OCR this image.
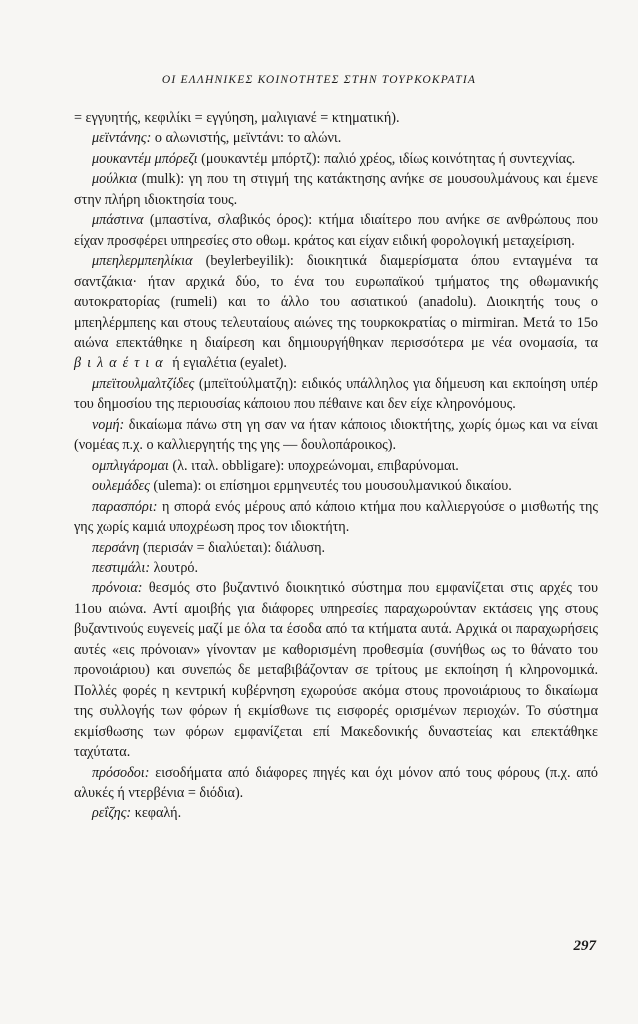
ΟΙ ΕΛΛΗΝΙΚΕΣ ΚΟΙΝΟΤΗΤΕΣ ΣΤΗΝ ΤΟΥΡΚΟΚΡΑΤΙΑ

= εγγυητής, κεφιλίκι = εγγύηση, μαλιγιανέ = κτηματική).

μεϊντάνης: ο αλωνιστής, μεϊντάνι: το αλώνι.

μουκαντέμ μπόρεζι (μουκαντέμ μπόρτζ): παλιό χρέος, ιδίως κοινότητας ή συντεχνίας.

μούλκια (mulk): γη που τη στιγμή της κατάκτησης ανήκε σε μουσουλμάνους και έμενε στην πλήρη ιδιοκτησία τους.

μπάστινα (μπαστίνα, σλαβικός όρος): κτήμα ιδιαίτερο που ανήκε σε ανθρώπους που είχαν προσφέρει υπηρεσίες στο οθωμ. κράτος και είχαν ειδική φορολογική μεταχείριση.

μπεηλερμπεηλίκια (beylerbeyilik): διοικητικά διαμερίσματα όπου ενταγμένα τα σαντζάκια· ήταν αρχικά δύο, το ένα του ευρωπαϊκού τμήματος της οθωμανικής αυτοκρατορίας (rumeli) και το άλλο του ασιατικού (anadolu). Διοικητής τους ο μπεηλέρμπεης και στους τελευταίους αιώνες της τουρκοκρατίας ο mirmiran. Μετά το 15ο αιώνα επεκτάθηκε η διαίρεση και δημιουργήθηκαν περισσότερα με νέα ονομασία, τα βιλαέτια ή εγιαλέτια (eyalet).

μπεϊτουλμαλτζίδες (μπεϊτούλματζη): ειδικός υπάλληλος για δήμευση και εκποίηση υπέρ του δημοσίου της περιουσίας κάποιου που πέθαινε και δεν είχε κληρονόμους.

νομή: δικαίωμα πάνω στη γη σαν να ήταν κάποιος ιδιοκτήτης, χωρίς όμως και να είναι (νομέας π.χ. ο καλλιεργητής της γης — δουλοπάροικος).

ομπλιγάρομαι (λ. ιταλ. obbligare): υποχρεώνομαι, επιβαρύνομαι.

ουλεμάδες (ulema): οι επίσημοι ερμηνευτές του μουσουλμανικού δικαίου.

παρασπόρι: η σπορά ενός μέρους από κάποιο κτήμα που καλλιεργούσε ο μισθωτής της γης χωρίς καμιά υποχρέωση προς τον ιδιοκτήτη.

περσάνη (περισάν = διαλύεται): διάλυση.

πεστιμάλι: λουτρό.

πρόνοια: θεσμός στο βυζαντινό διοικητικό σύστημα που εμφανίζεται στις αρχές του 11ου αιώνα. Αντί αμοιβής για διάφορες υπηρεσίες παραχωρούνταν εκτάσεις γης στους βυζαντινούς ευγενείς μαζί με όλα τα έσοδα από τα κτήματα αυτά. Αρχικά οι παραχωρήσεις αυτές «εις πρόνοιαν» γίνονταν με καθορισμένη προθεσμία (συνήθως ως το θάνατο του προνοιάριου) και συνεπώς δε μεταβιβάζονταν σε τρίτους με εκποίηση ή κληρονομικά. Πολλές φορές η κεντρική κυβέρνηση εχωρούσε ακόμα στους προνοιάριους το δικαίωμα της συλλογής των φόρων ή εκμίσθωνε τις εισφορές ορισμένων περιοχών. Το σύστημα εκμίσθωσης των φόρων εμφανίζεται επί Μακεδονικής δυναστείας και επεκτάθηκε ταχύτατα.

πρόσοδοι: εισοδήματα από διάφορες πηγές και όχι μόνον από τους φόρους (π.χ. από αλυκές ή ντερβένια = διόδια).

ρεΐζης: κεφαλή.

297
